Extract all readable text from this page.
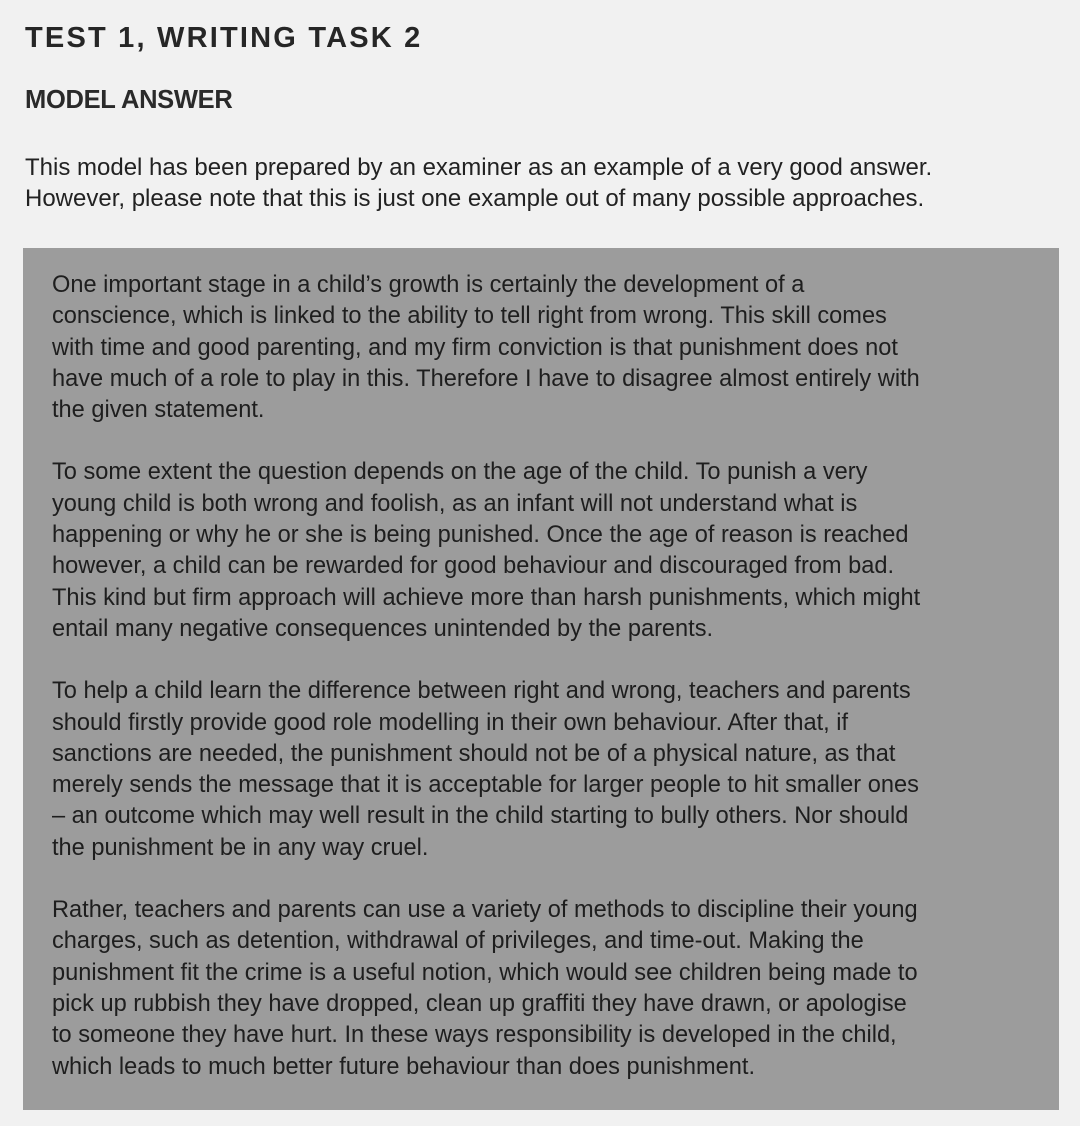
TEST 1, WRITING TASK 2
MODEL ANSWER

This model has been prepared by an examiner as an example of a very good answer.
However, please note that this is just one example out of many possible approaches.

One important stage in a child’s growth is certainly the development of a
conscience, which is linked to the ability to tell right from wrong. This skill comes
with time and good parenting, and my firm conviction is that punishment does not
have much of a role to play in this. Therefore I have to disagree almost entirely with
the given statement.

To some extent the question depends on the age of the child. To punish a very
young child is both wrong and foolish, as an infant will not understand what is
happening or why he or she is being punished. Once the age of reason is reached
however, a child can be rewarded for good behaviour and discouraged from bad.
This kind but firm approach will achieve more than harsh punishments, which might
entail many negative consequences unintended by the parents.

To help a child learn the difference between right and wrong, teachers and parents
should firstly provide good role modelling in their own behaviour. After that, if
sanctions are needed, the punishment should not be of a physical nature, as that
merely sends the message that it is acceptable for larger people to hit smaller ones
– an outcome which may well result in the child starting to bully others. Nor should
the punishment be in any way cruel.

Rather, teachers and parents can use a variety of methods to discipline their young
charges, such as detention, withdrawal of privileges, and time-out. Making the
punishment fit the crime is a useful notion, which would see children being made to
pick up rubbish they have dropped, clean up graffiti they have drawn, or apologise
to someone they have hurt. In these ways responsibility is developed in the child,
which leads to much better future behaviour than does punishment.
